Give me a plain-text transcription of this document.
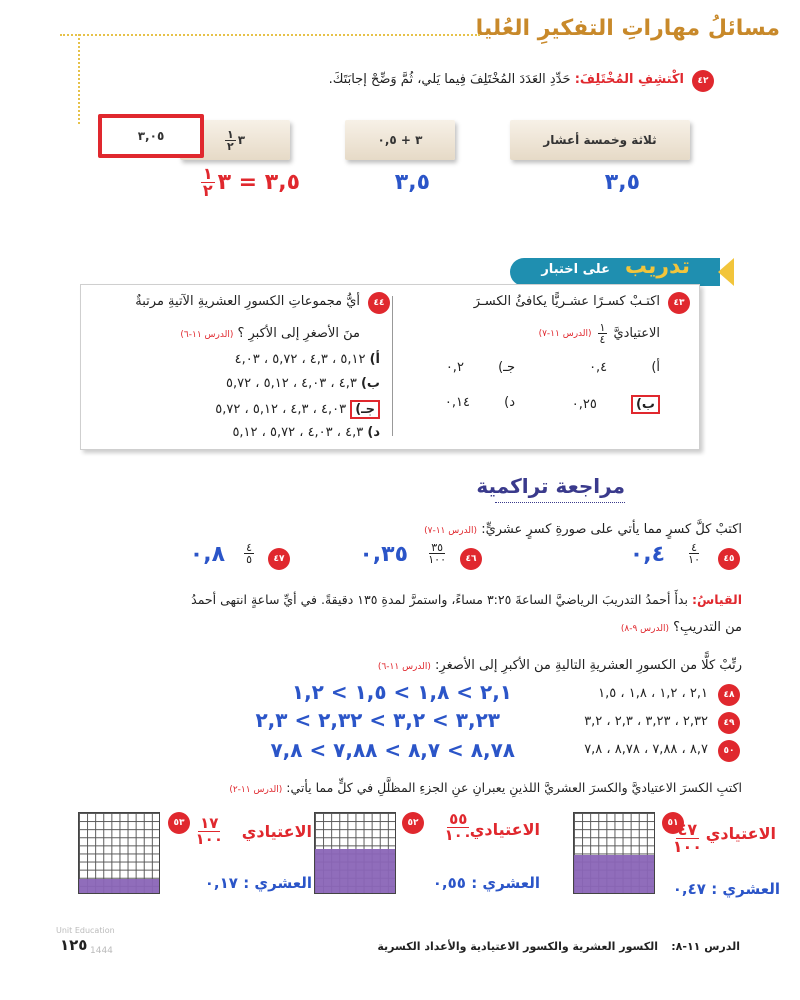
مسائلُ مهاراتِ التفكيرِ العُليا
٤٢
اكْتشِفِ المُخْتَلِفَ: حَدِّدِ العَدَدَ المُخْتَلِفَ فِيما يَلي، ثُمَّ وَضِّحْ إجابَتَكَ.
ثلاثة وخمسة أعشار
٣ + ٠,٥
٣
$\frac{١}{٢}$
٣,٠٥
٣,٥
٣,٥
٣,٥ = ٣
$\frac{١}{٢}$
تدريب
على اختبار
٤٣
اكتـبْ كسـرًا عشـريًّا يكافئُ الكسـرَ
الاعتياديَّ
$\frac{١}{٤}$
(الدرس ١١-٧)
أ) ٠,٤
جـ) ٠,٢
ب) ٠,٢٥
د) ٠,١٤
٤٤
أيُّ مجموعاتِ الكسورِ العشريةِ الآتيةِ مرتبةٌ
منَ الأصغرِ إلى الأكبرِ ؟ (الدرس ١١-٦)
أ) ٥,١٢ ، ٤,٣ ، ٥,٧٢ ، ٤,٠٣
ب) ٤,٣ ، ٤,٠٣ ، ٥,١٢ ، ٥,٧٢
جـ) ٤,٠٣ ، ٤,٣ ، ٥,١٢ ، ٥,٧٢
د) ٤,٣ ، ٤,٠٣ ، ٥,٧٢ ، ٥,١٢
مراجعة تراكمية
اكتبْ كلَّ كسرٍ مما يأتي على صورةِ كسرٍ عشريٍّ: (الدرس ١١-٧)
٤٥
$\frac{٤}{١٠}$
٠,٤
٤٦
$\frac{٣٥}{١٠٠}$
٠,٣٥
٤٧
$\frac{٤}{٥}$
٠,٨
القياسُ: بدأَ أحمدُ التدريبَ الرياضيَّ الساعةَ ٣:٢٥ مساءً، واستمرَّ لمدةِ ١٣٥ دقيقةً. في أيِّ ساعةٍ انتهى أحمدُ
من التدريبِ؟ (الدرس ٩-٨)
رتِّبْ كلًّا من الكسورِ العشريةِ التاليةِ من الأكبرِ إلى الأصغرِ: (الدرس ١١-٦)
٤٨
٢,١ ، ١,٢ ، ١,٨ ، ١,٥
٢,١ > ١,٨ > ١,٥ > ١,٢
٤٩
٢,٣٢ ، ٣,٢٣ ، ٢,٣ ، ٣,٢
٣,٢٣ > ٣,٢ > ٢,٣٢ > ٢,٣
٥٠
٨,٧ ، ٧,٨٨ ، ٨,٧٨ ، ٧,٨
٨,٧٨ > ٨,٧ > ٧,٨٨ > ٧,٨
اكتبِ الكسرَ الاعتياديَّ والكسرَ العشريَّ اللذينِ يعبرانِ عنِ الجزءِ المظلَّلِ في كلٍّ مما يأتي: (الدرس ١١-٢)
٥١
الاعتيادي
$\frac{٤٧}{١٠٠}$
العشري : ٠,٤٧
٥٢	الاعتيادي
$\frac{٥٥}{١٠٠}$
العشري : ٠,٥٥
٥٣	الاعتيادي
$\frac{١٧}{١٠٠}$
العشري : ٠,١٧
الدرس ١١-٨:
الكسور العشرية والكسور الاعتيادية والأعداد الكسرية
١٢٥
Unit Education
1444
